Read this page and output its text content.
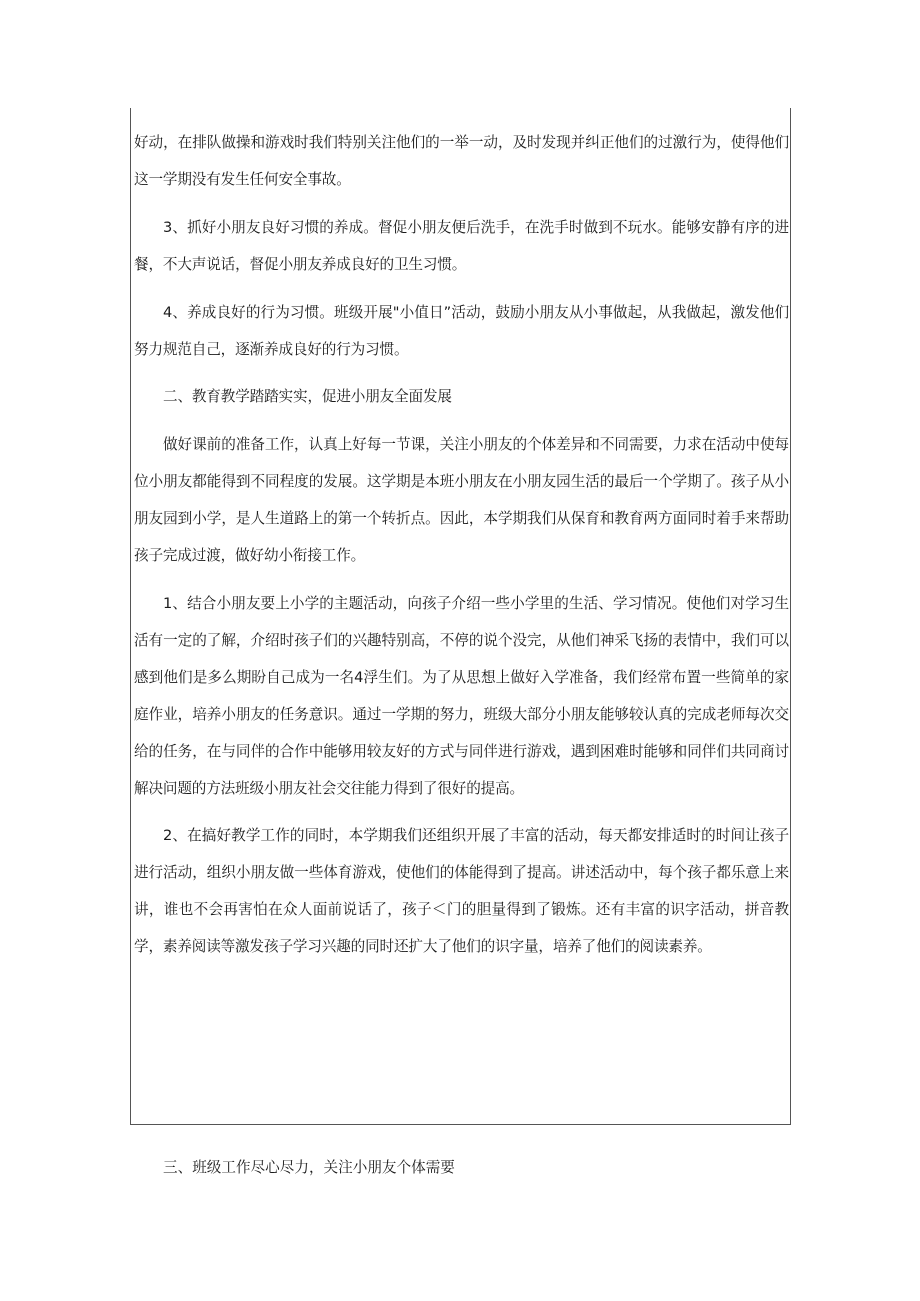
好动，在排队做操和游戏时我们特别关注他们的一举一动，及时发现并纠正他们的过激行为，使得他们这一学期没有发生任何安全事故。

3、抓好小朋友良好习惯的养成。督促小朋友便后洗手，在洗手时做到不玩水。能够安静有序的进餐，不大声说话，督促小朋友养成良好的卫生习惯。

4、养成良好的行为习惯。班级开展"小值日”活动，鼓励小朋友从小事做起，从我做起，激发他们努力规范自己，逐渐养成良好的行为习惯。

二、教育教学踏踏实实，促进小朋友全面发展

做好课前的准备工作，认真上好每一节课，关注小朋友的个体差异和不同需要，力求在活动中使每位小朋友都能得到不同程度的发展。这学期是本班小朋友在小朋友园生活的最后一个学期了。孩子从小朋友园到小学，是人生道路上的第一个转折点。因此，本学期我们从保育和教育两方面同时着手来帮助孩子完成过渡，做好幼小衔接工作。

1、结合小朋友要上小学的主题活动，向孩子介绍一些小学里的生活、学习情况。使他们对学习生活有一定的了解，介绍时孩子们的兴趣特别高，不停的说个没完，从他们神采飞扬的表情中，我们可以感到他们是多么期盼自己成为一名4浮生们。为了从思想上做好入学准备，我们经常布置一些简单的家庭作业，培养小朋友的任务意识。通过一学期的努力，班级大部分小朋友能够较认真的完成老师每次交给的任务，在与同伴的合作中能够用较友好的方式与同伴进行游戏，遇到困难时能够和同伴们共同商讨解决问题的方法班级小朋友社会交往能力得到了很好的提高。

2、在搞好教学工作的同时，本学期我们还组织开展了丰富的活动，每天都安排适时的时间让孩子进行活动，组织小朋友做一些体育游戏，使他们的体能得到了提高。讲述活动中，每个孩子都乐意上来讲，谁也不会再害怕在众人面前说话了，孩子＜门的胆量得到了锻炼。还有丰富的识字活动，拼音教学，素养阅读等激发孩子学习兴趣的同时还扩大了他们的识字量，培养了他们的阅读素养。

三、班级工作尽心尽力，关注小朋友个体需要
